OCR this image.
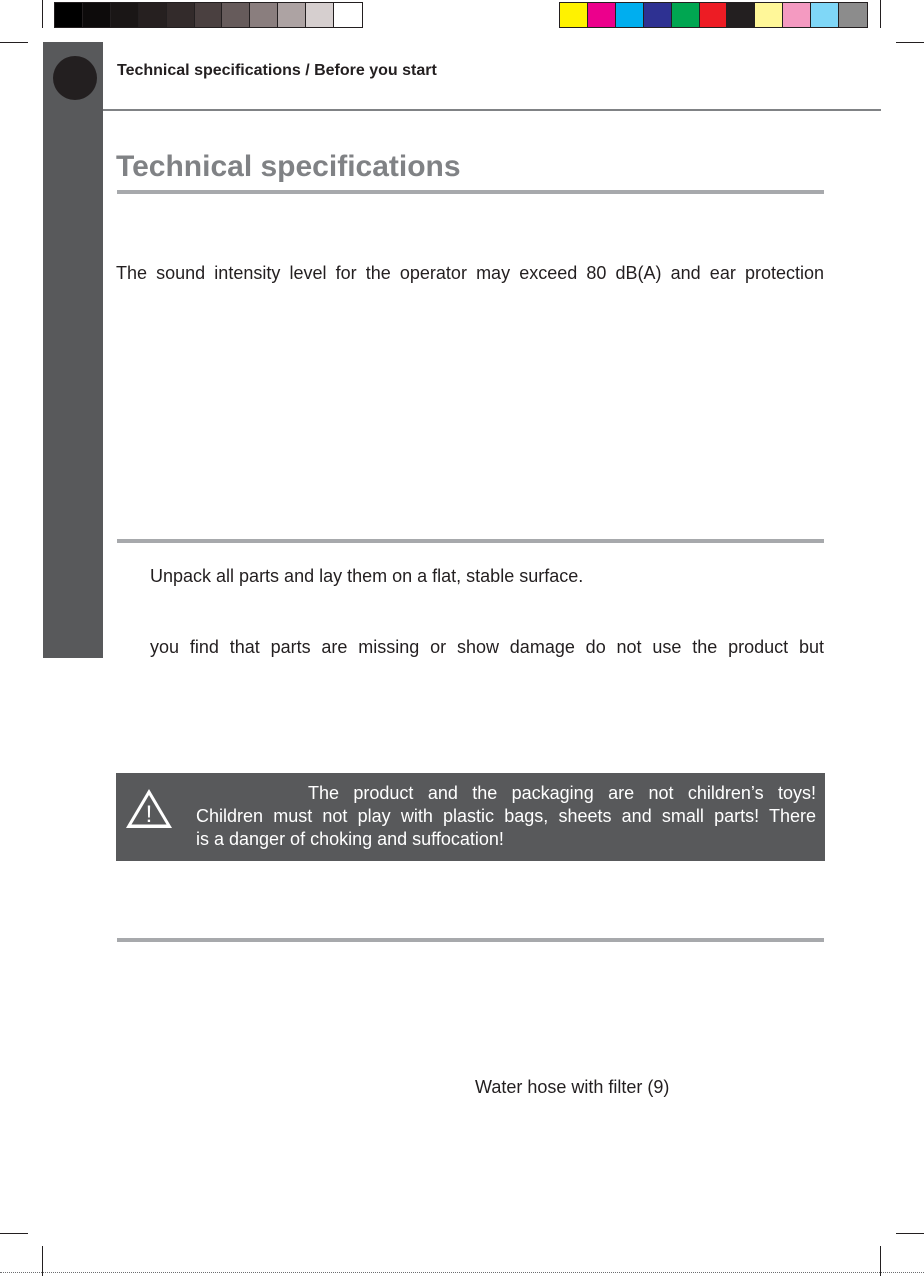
Technical specifications / Before you start
Technical specifications
The sound intensity level for the operator may exceed 80 dB(A) and ear protection
Unpack all parts and lay them on a flat, stable surface.
you find that parts are missing or show damage do not use the product but
!
The product and the packaging are not children’s toys!
Children must not play with plastic bags, sheets and small parts! There
is a danger of choking and suffocation!
Water hose with filter (9)
